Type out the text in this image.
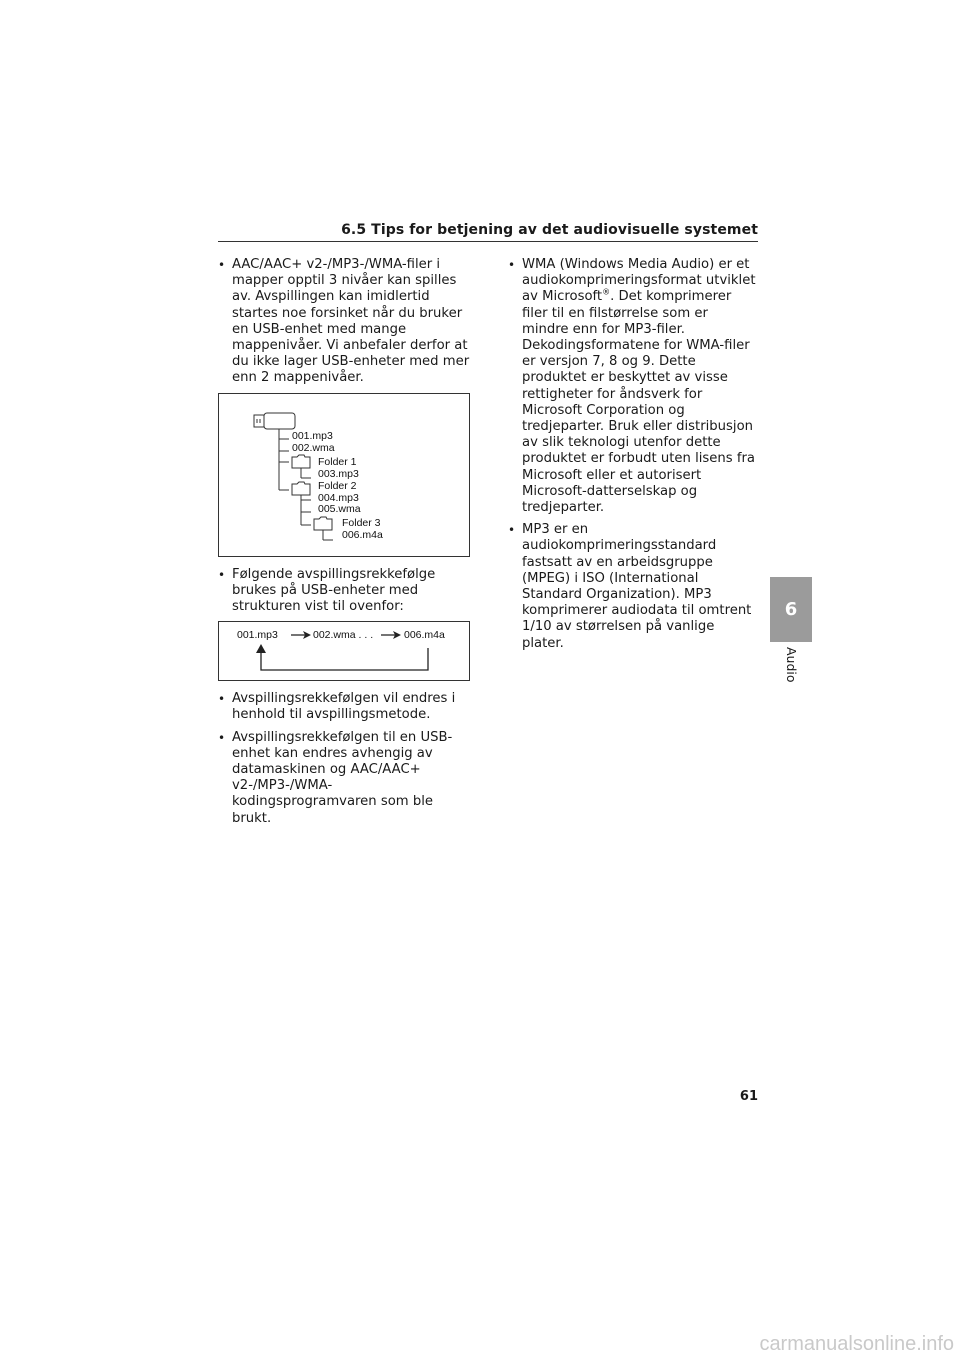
6.5 Tips for betjening av det audiovisuelle systemet

• AAC/AAC+ v2-/MP3-/WMA-filer i mapper opptil 3 nivåer kan spilles av. Avspillingen kan imidlertid startes noe forsinket når du bruker en USB-enhet med mange mappenivåer. Vi anbefaler derfor at du ikke lager USB-enheter med mer enn 2 mappenivåer.

001.mp3
002.wma
Folder 1
003.mp3
Folder 2
004.mp3
005.wma
Folder 3
006.m4a

• Følgende avspillingsrekkefølge brukes på USB-enheter med strukturen vist til ovenfor:

001.mp3	002.wma . . .	006.m4a

• Avspillingsrekkefølgen vil endres i henhold til avspillingsmetode.

• Avspillingsrekkefølgen til en USB-enhet kan endres avhengig av datamaskinen og AAC/AAC+ v2-/MP3-/WMA-kodingsprogramvaren som ble brukt.

• WMA (Windows Media Audio) er et audiokomprimeringsformat utviklet av Microsoft®. Det komprimerer filer til en filstørrelse som er mindre enn for MP3-filer. Dekodingsformatene for WMA-filer er versjon 7, 8 og 9. Dette produktet er beskyttet av visse rettigheter for åndsverk for Microsoft Corporation og tredjeparter. Bruk eller distribusjon av slik teknologi utenfor dette produktet er forbudt uten lisens fra Microsoft eller et autorisert Microsoft-datterselskap og tredjeparter.

• MP3 er en audiokomprimeringsstandard fastsatt av en arbeidsgruppe (MPEG) i ISO (International Standard Organization). MP3 komprimerer audiodata til omtrent 1/10 av størrelsen på vanlige plater.

6
Audio
61
carmanualsonline.info
